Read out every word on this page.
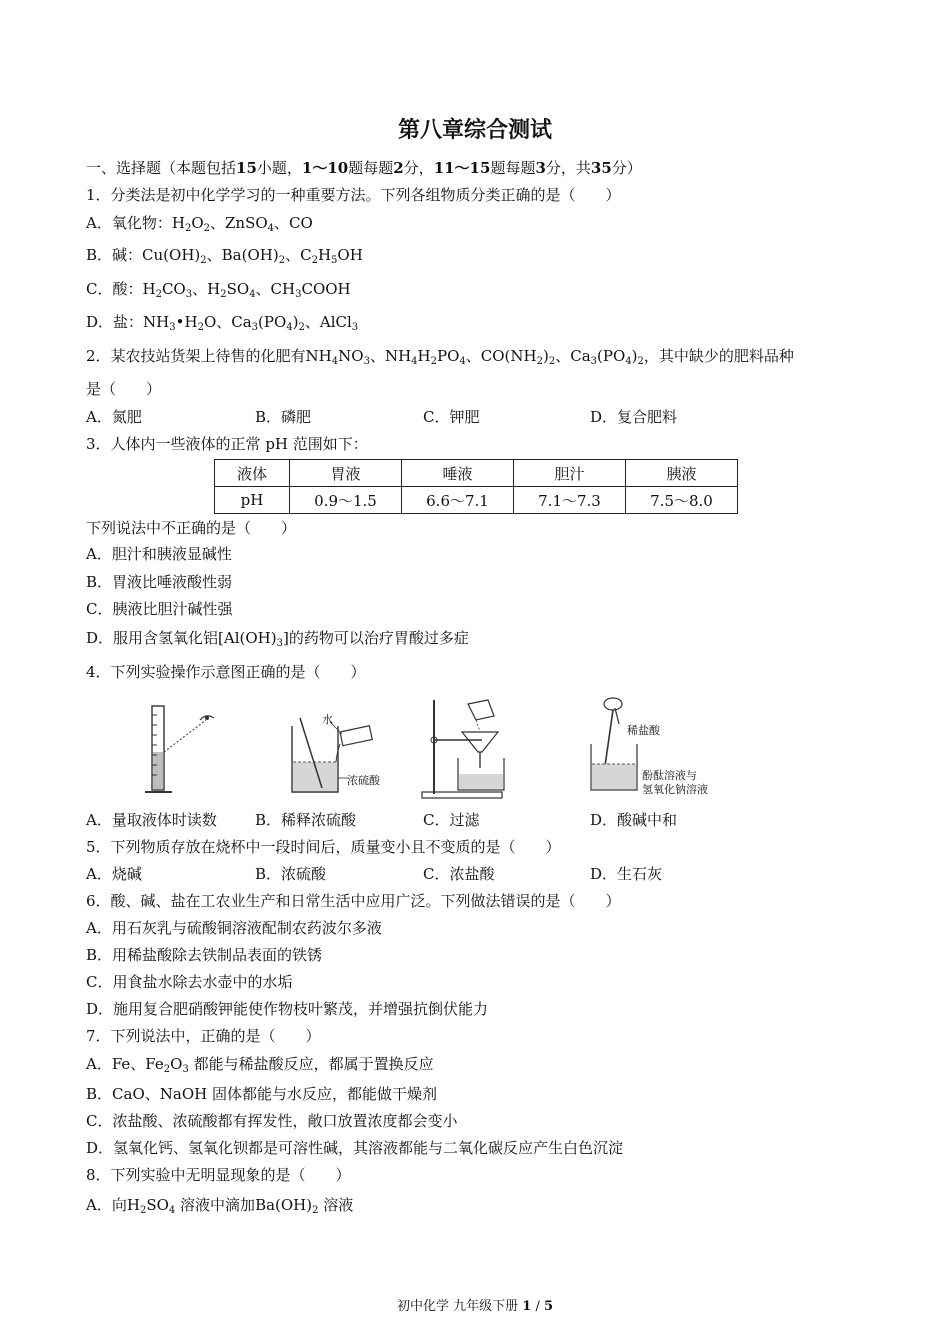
第八章综合测试
一、选择题（本题包括15小题，1～10题每题2分，11～15题每题3分，共35分）
1．分类法是初中化学学习的一种重要方法。下列各组物质分类正确的是（　　）
A．氧化物：$H_2O_2$、ZnSO$_4$、CO
B．碱：$Cu(OH)_2$、$Ba(OH)_2$、$C_2H_5OH$
C．酸：$H_2CO_3$、$H_2SO_4$、$CH_3COOH$
D．盐：$NH_3•H_2O$、$Ca_3(PO_4)_2$、AlCl$_3$
2．某农技站货架上待售的化肥有$NH_4NO_3$、$NH_4H_2PO_4$、$CO(NH_2)_2$、$Ca_3(PO_4)_2$，其中缺少的肥料品种
是（　　）
A．氮肥	B．磷肥	C．钾肥	D．复合肥料
3．人体内一些液体的正常 pH 范围如下：
液体	胃液	唾液	胆汁	胰液
pH	0.9～1.5	6.6～7.1	7.1～7.3	7.5～8.0
下列说法中不正确的是（　　）
A．胆汁和胰液显碱性
B．胃液比唾液酸性弱
C．胰液比胆汁碱性强
D．服用含氢氧化铝$[Al(OH)_3]$的药物可以治疗胃酸过多症
4．下列实验操作示意图正确的是（　　）
水
浓硫酸
稀盐酸
酚酞溶液与
氢氧化钠溶液
A．量取液体时读数	B．稀释浓硫酸	C．过滤	D．酸碱中和
5．下列物质存放在烧杯中一段时间后，质量变小且不变质的是（　　）
A．烧碱	B．浓硫酸	C．浓盐酸	D．生石灰
6．酸、碱、盐在工农业生产和日常生活中应用广泛。下列做法错误的是（　　）
A．用石灰乳与硫酸铜溶液配制农药波尔多液
B．用稀盐酸除去铁制品表面的铁锈
C．用食盐水除去水壶中的水垢
D．施用复合肥硝酸钾能使作物枝叶繁茂，并增强抗倒伏能力
7．下列说法中，正确的是（　　）
A．Fe、$Fe_2O_3$ 都能与稀盐酸反应，都属于置换反应
B．CaO、NaOH 固体都能与水反应，都能做干燥剂
C．浓盐酸、浓硫酸都有挥发性，敞口放置浓度都会变小
D．氢氧化钙、氢氧化钡都是可溶性碱，其溶液都能与二氧化碳反应产生白色沉淀
8．下列实验中无明显现象的是（　　）
A．向$H_2SO_4$ 溶液中滴加$Ba(OH)_2$ 溶液
初中化学 九年级下册 1 / 5
